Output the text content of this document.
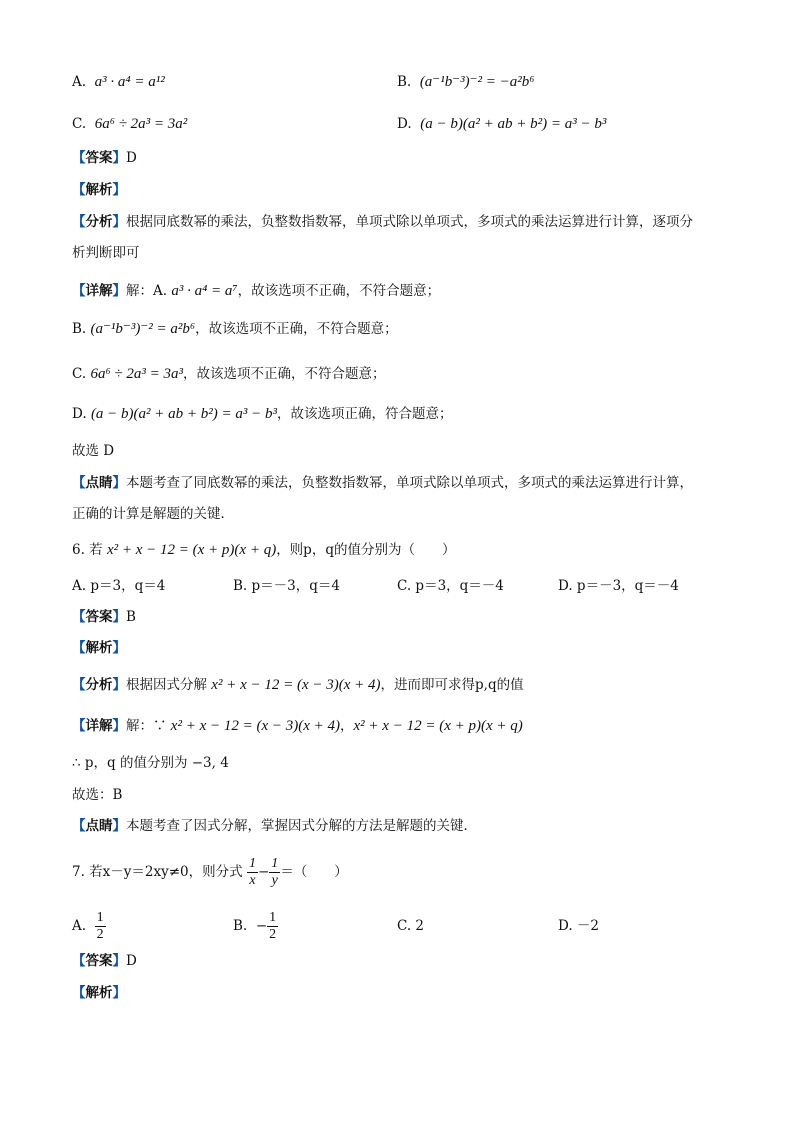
A. a³ · a⁴ = a¹²	B. (a⁻¹b⁻³)⁻² = −a²b⁶
C. 6a⁶ ÷ 2a³ = 3a²	D. (a − b)(a² + ab + b²) = a³ − b³
【答案】D
【解析】
【分析】根据同底数幂的乘法，负整数指数幂，单项式除以单项式，多项式的乘法运算进行计算，逐项分
析判断即可
【详解】解：A. a³ · a⁴ = a⁷，故该选项不正确，不符合题意；
B. (a⁻¹b⁻³)⁻² = a²b⁶，故该选项不正确，不符合题意；
C. 6a⁶ ÷ 2a³ = 3a³，故该选项不正确，不符合题意；
D. (a − b)(a² + ab + b²) = a³ − b³，故该选项正确，符合题意；
故选 D
【点睛】本题考查了同底数幂的乘法，负整数指数幂，单项式除以单项式，多项式的乘法运算进行计算，
正确的计算是解题的关键．
6. 若 x² + x − 12 = (x + p)(x + q)，则p，q的值分别为（　　）
A. p＝3，q＝4	B. p＝－3，q＝4	C. p＝3，q＝－4	D. p＝－3，q＝－4
【答案】B
【解析】
【分析】根据因式分解 x² + x − 12 = (x − 3)(x + 4)，进而即可求得p,q的值
【详解】解：∵ x² + x − 12 = (x − 3)(x + 4)，x² + x − 12 = (x + p)(x + q)
∴ p，q 的值分别为 −3, 4
故选：B
【点睛】本题考查了因式分解，掌握因式分解的方法是解题的关键．
7. 若x－y＝2xy≠0，则分式 $\frac{1}{x} - \frac{1}{y}$ ＝（　　）
A. $\frac{1}{2}$	B. − $\frac{1}{2}$	C. 2	D. －2
【答案】D
【解析】
